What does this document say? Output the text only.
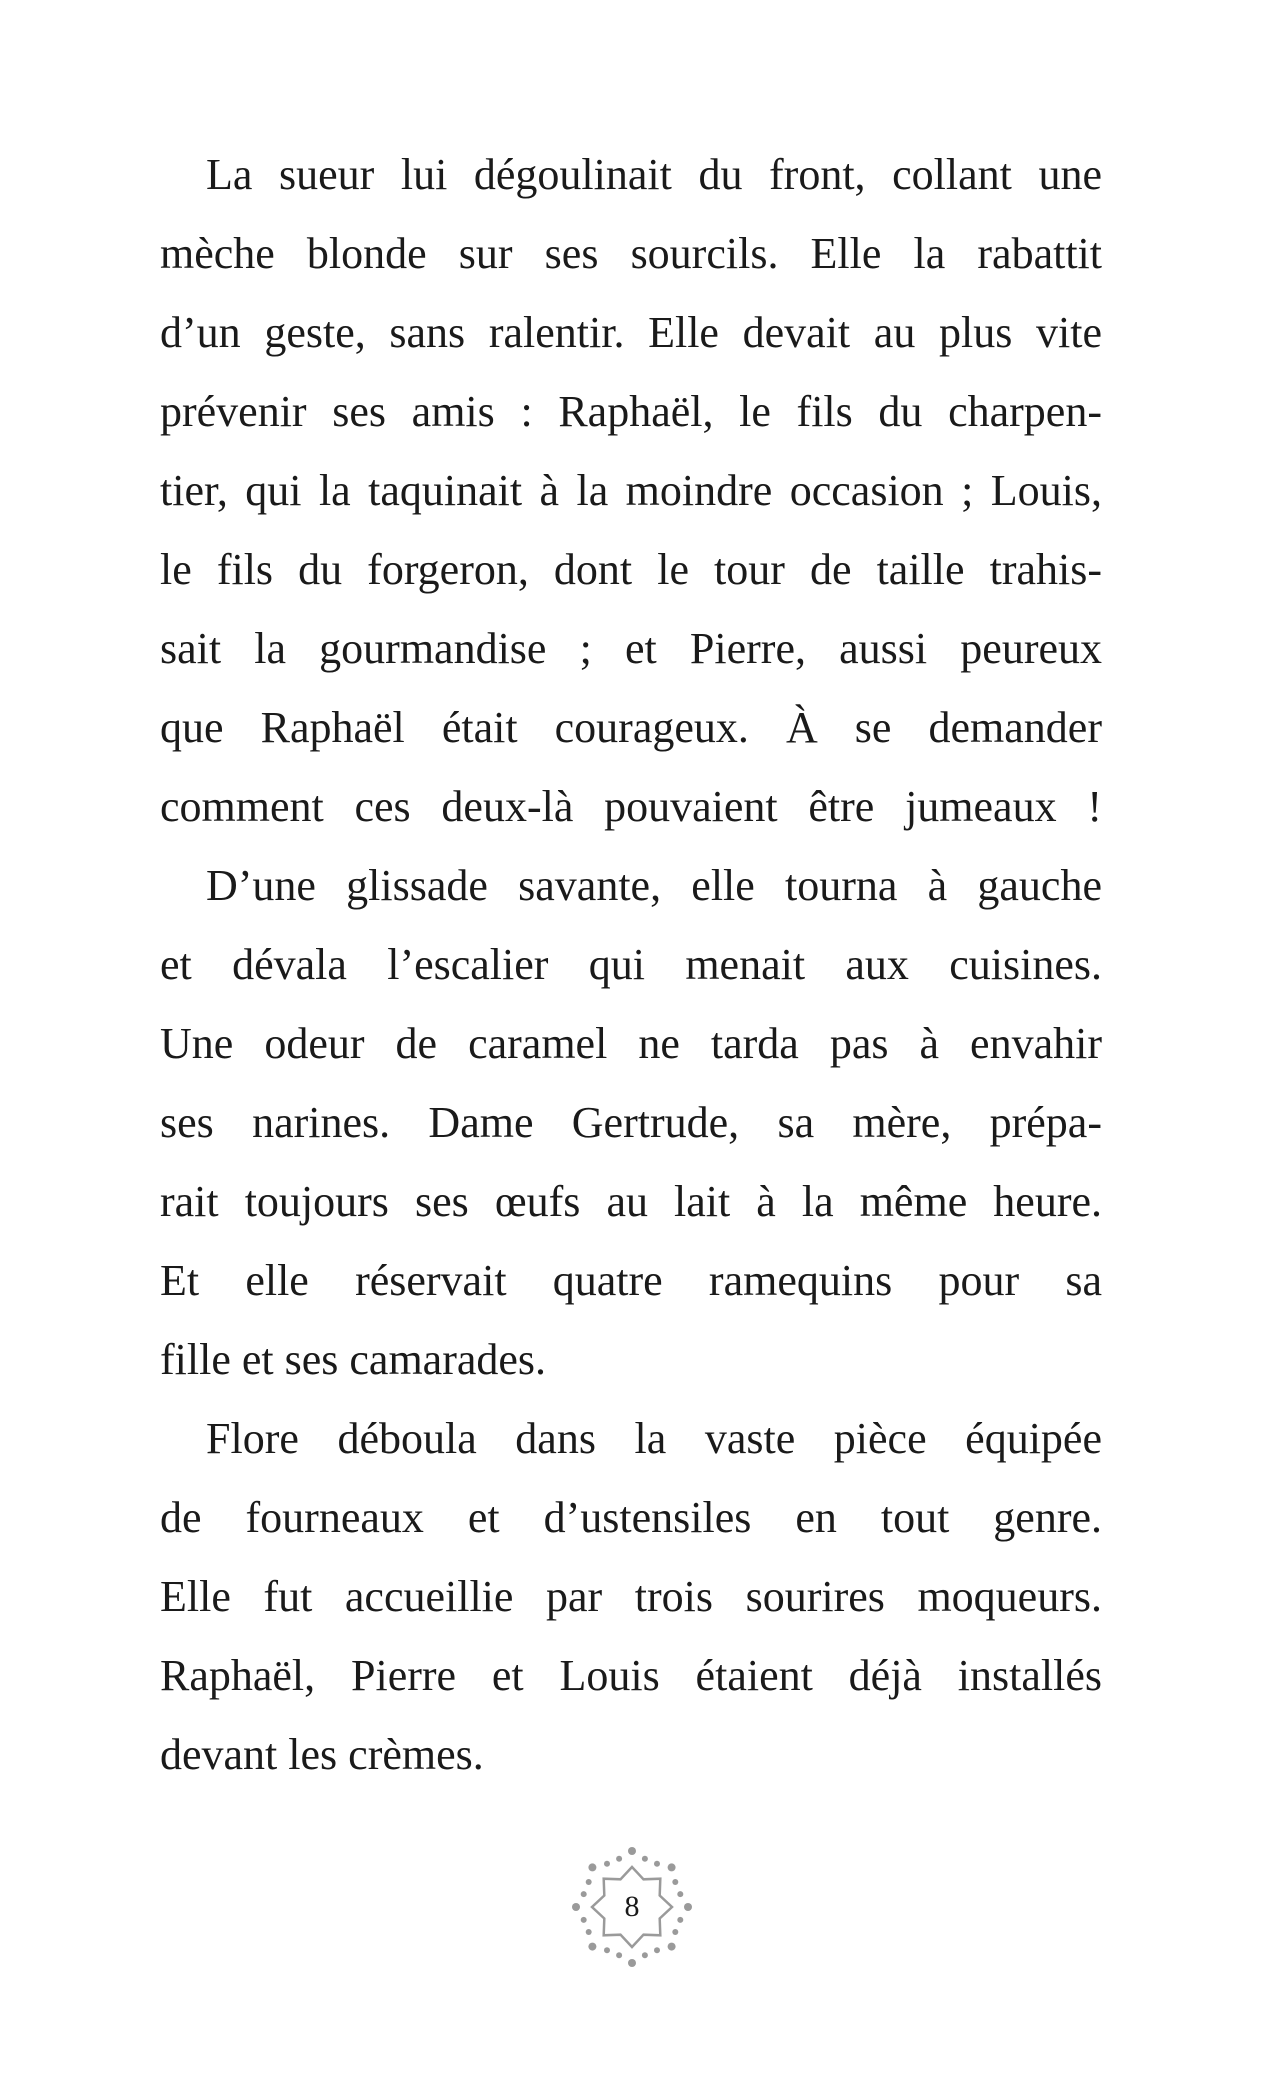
La sueur lui dégoulinait du front, collant une
mèche blonde sur ses sourcils. Elle la rabattit
d’un geste, sans ralentir. Elle devait au plus vite
prévenir ses amis : Raphaël, le fils du charpen-
tier, qui la taquinait à la moindre occasion ; Louis,
le fils du forgeron, dont le tour de taille trahis-
sait la gourmandise ; et Pierre, aussi peureux
que Raphaël était courageux. À se demander
comment ces deux-là pouvaient être jumeaux !
D’une glissade savante, elle tourna à gauche
et dévala l’escalier qui menait aux cuisines.
Une odeur de caramel ne tarda pas à envahir
ses narines. Dame Gertrude, sa mère, prépa-
rait toujours ses œufs au lait à la même heure.
Et elle réservait quatre ramequins pour sa
fille et ses camarades.
Flore déboula dans la vaste pièce équipée
de fourneaux et d’ustensiles en tout genre.
Elle fut accueillie par trois sourires moqueurs.
Raphaël, Pierre et Louis étaient déjà installés
devant les crèmes.
8
